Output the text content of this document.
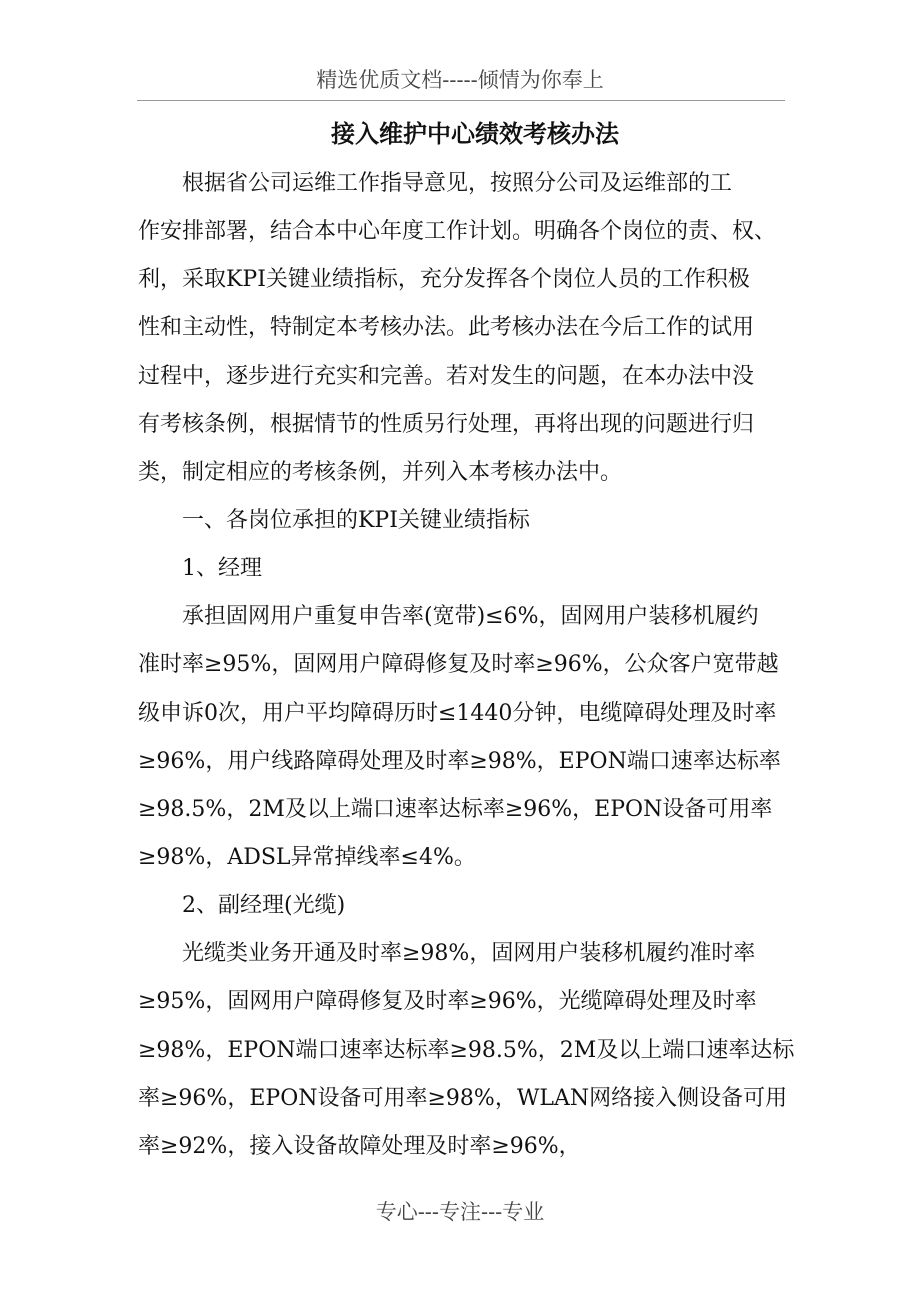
精选优质文档-----倾情为你奉上
接入维护中心绩效考核办法
根据省公司运维工作指导意见，按照分公司及运维部的工
作安排部署，结合本中心年度工作计划。明确各个岗位的责、权、
利，采取KPI关键业绩指标，充分发挥各个岗位人员的工作积极
性和主动性，特制定本考核办法。此考核办法在今后工作的试用
过程中，逐步进行充实和完善。若对发生的问题，在本办法中没
有考核条例，根据情节的性质另行处理，再将出现的问题进行归
类，制定相应的考核条例，并列入本考核办法中。
一、各岗位承担的KPI关键业绩指标
1、经理
承担固网用户重复申告率(宽带)≤6%，固网用户装移机履约
准时率≥95%，固网用户障碍修复及时率≥96%，公众客户宽带越
级申诉0次，用户平均障碍历时≤1440分钟，电缆障碍处理及时率
≥96%，用户线路障碍处理及时率≥98%，EPON端口速率达标率
≥98.5%，2M及以上端口速率达标率≥96%，EPON设备可用率
≥98%，ADSL异常掉线率≤4%。
2、副经理(光缆)
光缆类业务开通及时率≥98%，固网用户装移机履约准时率
≥95%，固网用户障碍修复及时率≥96%，光缆障碍处理及时率
≥98%，EPON端口速率达标率≥98.5%，2M及以上端口速率达标
率≥96%，EPON设备可用率≥98%，WLAN网络接入侧设备可用
率≥92%，接入设备故障处理及时率≥96%，
专心---专注---专业
